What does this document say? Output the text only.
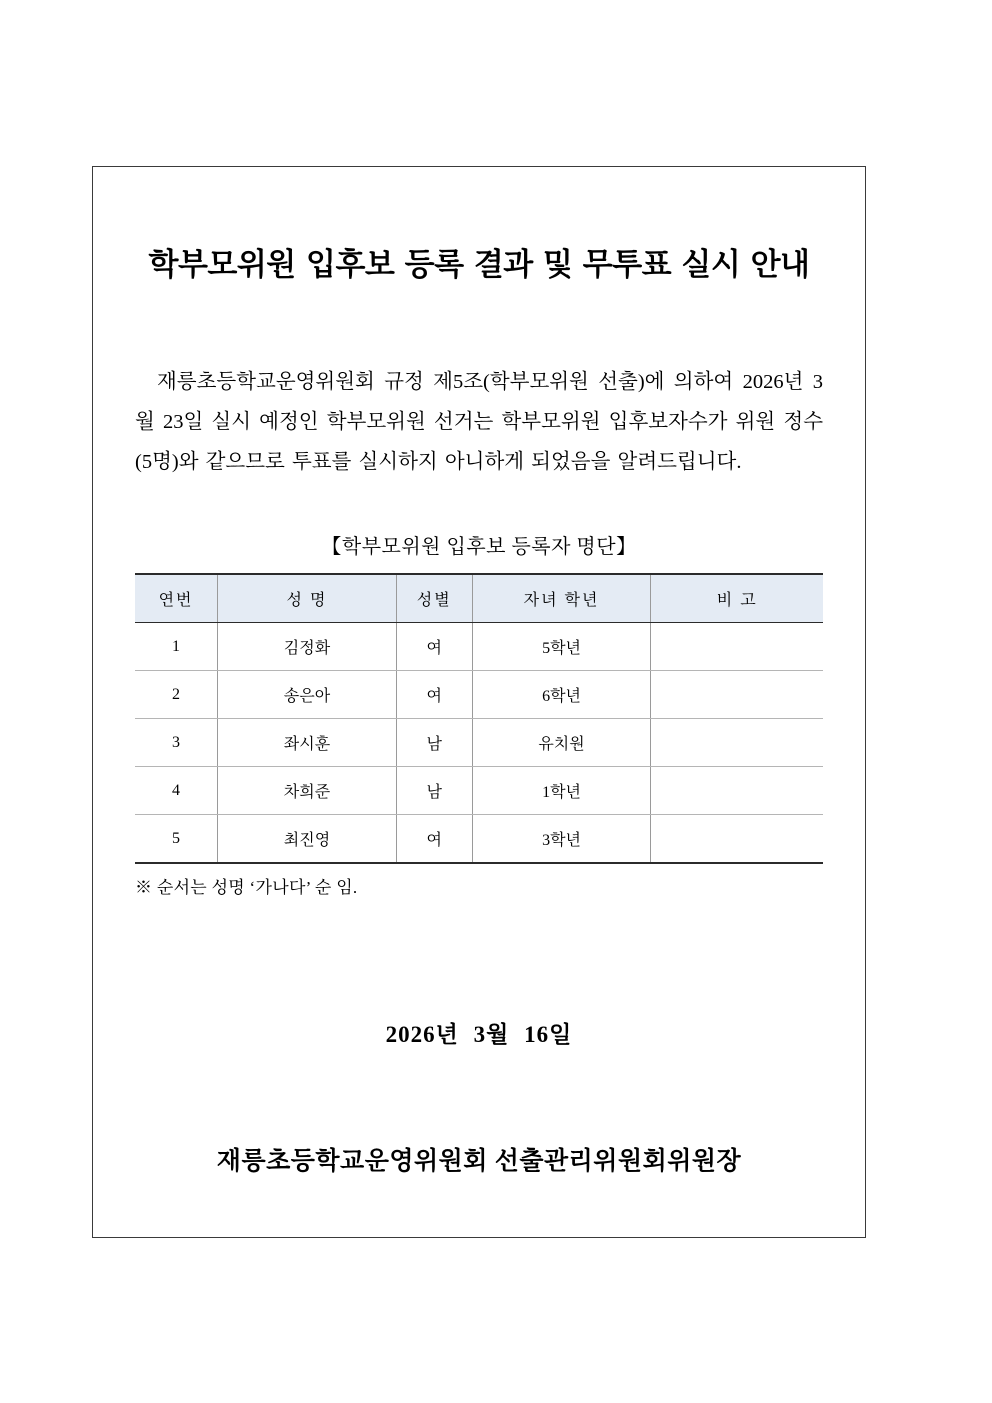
학부모위원 입후보 등록 결과 및 무투표 실시 안내
재릉초등학교운영위원회 규정 제5조(학부모위원 선출)에 의하여 2026년 3월 23일 실시 예정인 학부모위원 선거는 학부모위원 입후보자수가 위원 정수(5명)와 같으므로 투표를 실시하지 아니하게 되었음을 알려드립니다.
【학부모위원 입후보 등록자 명단】
연번	성 명	성별	자녀 학년	비 고
1	김정화	여	5학년	
2	송은아	여	6학년	
3	좌시훈	남	유치원	
4	차희준	남	1학년	
5	최진영	여	3학년	
※ 순서는 성명 ‘가나다’ 순 임.
2026년 3월 16일
재릉초등학교운영위원회 선출관리위원회위원장
